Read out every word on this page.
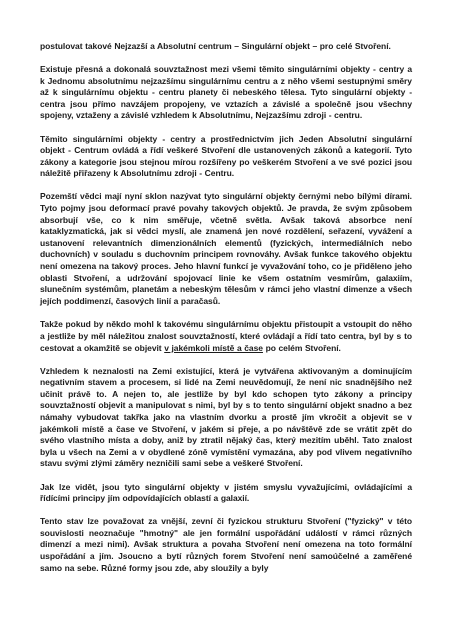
postulovat takové Nejzazší a Absolutní centrum – Singulární objekt – pro celé Stvoření.

Existuje přesná a dokonalá souvztažnost mezi všemi těmito singulárními objekty - centry a k Jednomu absolutnímu nejzazšímu singulárnímu centru a z něho všemi sestupnými směry až k singulárnímu objektu - centru planety či nebeského tělesa. Tyto singulární objekty - centra jsou přímo navzájem propojeny, ve vztazích a závislé a společně jsou všechny spojeny, vztaženy a závislé vzhledem k Absolutnímu, Nejzazšímu zdroji - centru.

Těmito singulárními objekty - centry a prostřednictvím jich Jeden Absolutní singulární objekt - Centrum ovládá a řídí veškeré Stvoření dle ustanovených zákonů a kategorií. Tyto zákony a kategorie jsou stejnou mírou rozšířeny po veškerém Stvoření a ve své pozici jsou náležitě přiřazeny k Absolutnímu zdroji - Centru.

Pozemští vědci mají nyní sklon nazývat tyto singulární objekty černými nebo bílými dírami. Tyto pojmy jsou deformací pravé povahy takových objektů. Je pravda, že svým způsobem absorbují vše, co k nim směřuje, včetně světla. Avšak taková absorbce není kataklyzmatická, jak si vědci myslí, ale znamená jen nové rozdělení, seřazení, vyvážení a ustanovení relevantních dimenzionálních elementů (fyzických, intermediálních nebo duchovních) v souladu s duchovním principem rovnováhy. Avšak funkce takového objektu není omezena na takový proces. Jeho hlavní funkcí je vyvažování toho, co je přiděleno jeho oblasti Stvoření, a udržování spojovací linie ke všem ostatním vesmírům, galaxiím, slunečním systémům, planetám a nebeským tělesům v rámci jeho vlastní dimenze a všech jejích poddimenzí, časových linií a paračasů.

Takže pokud by někdo mohl k takovému singulárnímu objektu přistoupit a vstoupit do něho a jestliže by měl náležitou znalost souvztažností, které ovládají a řídí tato centra, byl by s to cestovat a okamžitě se objevit v jakémkoli místě a čase po celém Stvoření.

Vzhledem k neznalosti na Zemi existující, která je vytvářena aktivovaným a dominujícím negativním stavem a procesem, si lidé na Zemi neuvědomují, že není nic snadnějšího než učinit právě to. A nejen to, ale jestliže by byl kdo schopen tyto zákony a principy souvztažností objevit a manipulovat s nimi, byl by s to tento singulární objekt snadno a bez námahy vybudovat takřka jako na vlastním dvorku a prostě jím vkročit a objevit se v jakémkoli místě a čase ve Stvoření, v jakém si přeje, a po návštěvě zde se vrátit zpět do svého vlastního místa a doby, aniž by ztratil nějaký čas, který mezitím uběhl. Tato znalost byla u všech na Zemi a v obydlené zóně vymístění vymazána, aby pod vlivem negativního stavu svými zlými záměry nezničili sami sebe a veškeré Stvoření.

Jak lze vidět, jsou tyto singulární objekty v jistém smyslu vyvažujícími, ovládajícími a řídícími principy jím odpovídajících oblastí a galaxií.

Tento stav lze považovat za vnější, zevní či fyzickou strukturu Stvoření ("fyzický" v této souvislosti neoznačuje "hmotný" ale jen formální uspořádání událostí v rámci různých dimenzí a mezi nimi). Avšak struktura a povaha Stvoření není omezena na toto formální uspořádání a jím. Jsoucno a bytí různých forem Stvoření není samoúčelné a zaměřené samo na sebe. Různé formy jsou zde, aby sloužily a byly
